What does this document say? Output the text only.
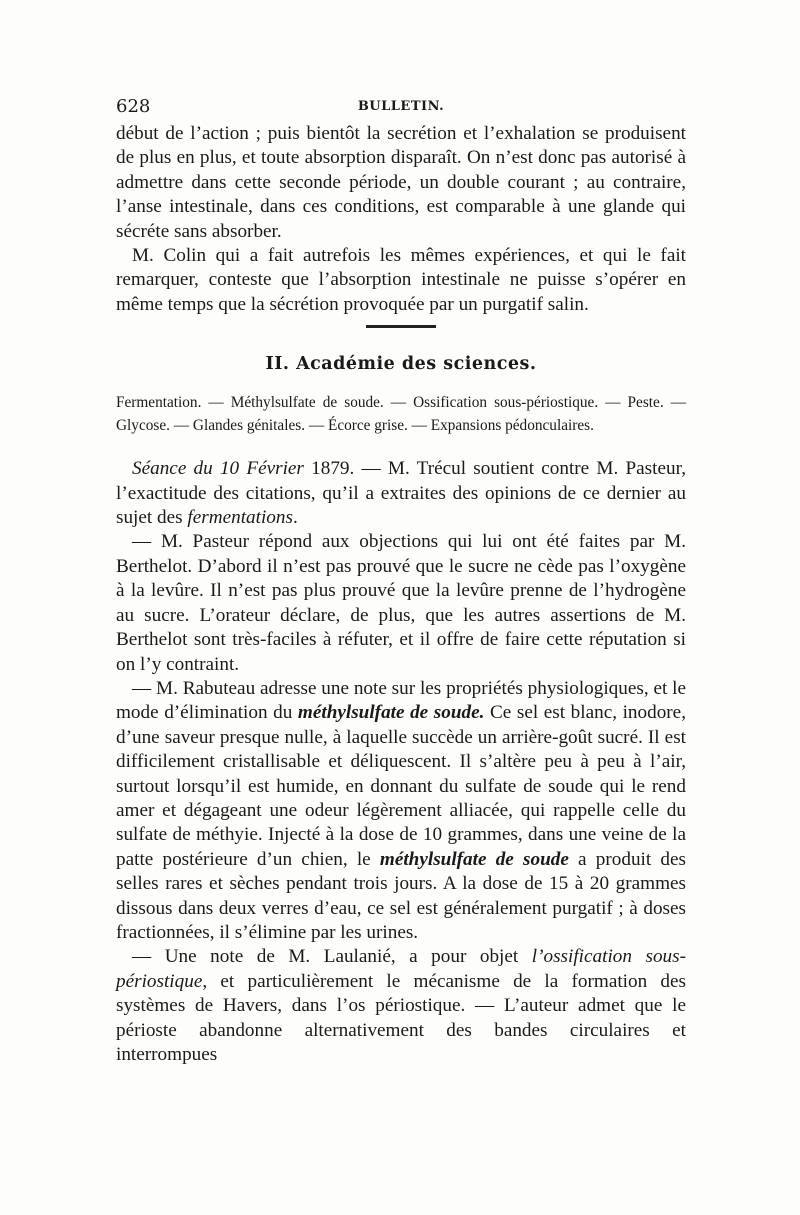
628	BULLETIN.

début de l’action ; puis bientôt la secrétion et l’exhalation se produisent de plus en plus, et toute absorption disparaît. On n’est donc pas autorisé à admettre dans cette seconde période, un double courant ; au contraire, l’anse intestinale, dans ces conditions, est comparable à une glande qui sécréte sans absorber.

M. Colin qui a fait autrefois les mêmes expériences, et qui le fait remarquer, conteste que l’absorption intestinale ne puisse s’opérer en même temps que la sécrétion provoquée par un purgatif salin.

II. Académie des sciences.
Fermentation. — Méthylsulfate de soude. — Ossification sous-périostique. — Peste. — Glycose. — Glandes génitales. — Écorce grise. — Expansions pédonculaires.

Séance du 10 Février 1879. — M. Trécul soutient contre M. Pasteur, l’exactitude des citations, qu’il a extraites des opinions de ce dernier au sujet des fermentations.

— M. Pasteur répond aux objections qui lui ont été faites par M. Berthelot. D’abord il n’est pas prouvé que le sucre ne cède pas l’oxygène à la levûre. Il n’est pas plus prouvé que la levûre prenne de l’hydrogène au sucre. L’orateur déclare, de plus, que les autres assertions de M. Berthelot sont très-faciles à réfuter, et il offre de faire cette réputation si on l’y contraint.

— M. Rabuteau adresse une note sur les propriétés physiologiques, et le mode d’élimination du méthylsulfate de soude. Ce sel est blanc, inodore, d’une saveur presque nulle, à laquelle succède un arrière-goût sucré. Il est difficilement cristallisable et déliquescent. Il s’altère peu à peu à l’air, surtout lorsqu’il est humide, en donnant du sulfate de soude qui le rend amer et dégageant une odeur légèrement alliacée, qui rappelle celle du sulfate de méthyie. Injecté à la dose de 10 grammes, dans une veine de la patte postérieure d’un chien, le méthylsulfate de soude a produit des selles rares et sèches pendant trois jours. A la dose de 15 à 20 grammes dissous dans deux verres d’eau, ce sel est généralement purgatif ; à doses fractionnées, il s’élimine par les urines.

— Une note de M. Laulanié, a pour objet l’ossification sous-périostique, et particulièrement le mécanisme de la formation des systèmes de Havers, dans l’os périostique. — L’auteur admet que le périoste abandonne alternativement des bandes circulaires et interrompues
